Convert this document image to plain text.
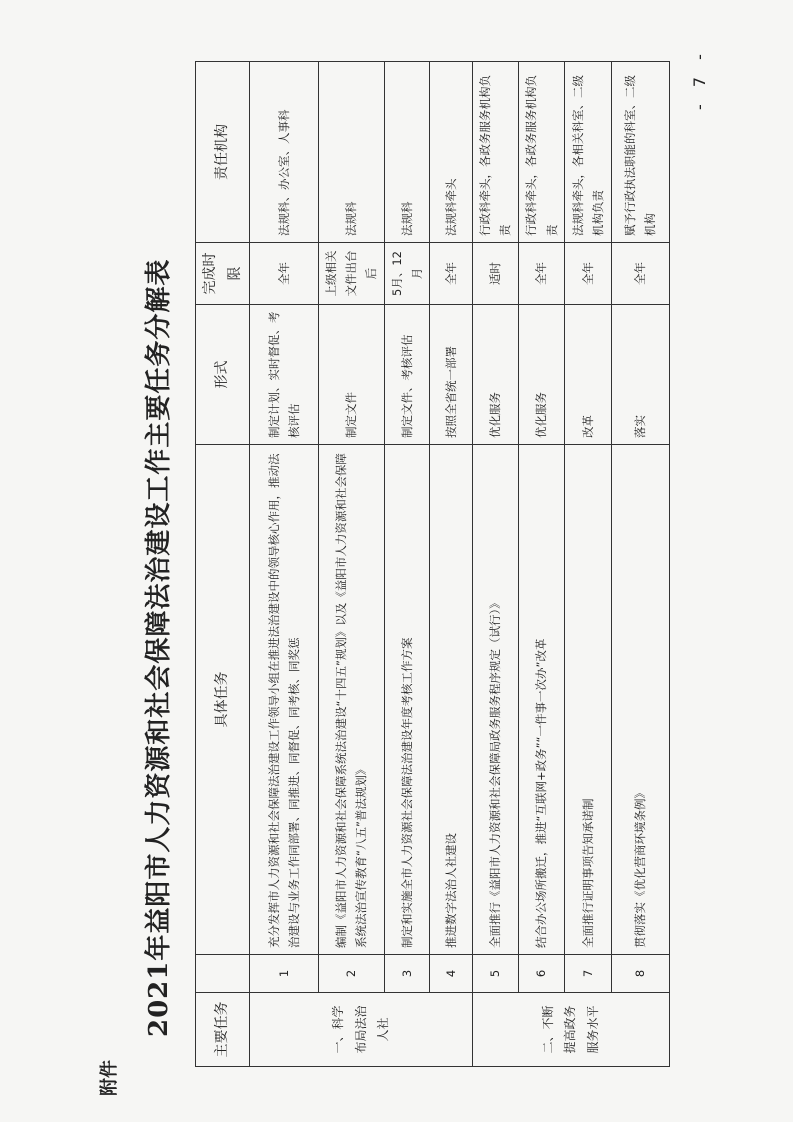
附件
2021年益阳市人力资源和社会保障法治建设工作主要任务分解表	主要任务		具体任务	形式	完成时限	责任机构
一、科学布局法治人社	1	充分发挥市人力资源和社会保障法治建设工作领导小组在推进法治建设中的领导核心作用，推动法治建设与业务工作同部署、同推进、同督促、同考核、同奖惩	制定计划、实时督促、考核评估	全年	法规科、办公室、人事科
	2	编制《益阳市人力资源和社会保障系统法治建设“十四五”规划》以及《益阳市人力资源和社会保障系统法治宣传教育“八五”普法规划》	制定文件	上级相关文件出台后	法规科
	3	制定和实施全市人力资源社会保障法治建设年度考核工作方案	制定文件、考核评估	5月、12月	法规科
	4	推进数字法治人社建设	按照全省统一部署	全年	法规科牵头
二、不断提高政务服务水平	5	全面推行《益阳市人力资源和社会保障局政务服务程序规定（试行）》	优化服务	适时	行政科牵头，各政务服务机构负责
	6	结合办公场所搬迁，推进“互联网+政务”“一件事一次办”改革	优化服务	全年	行政科牵头，各政务服务机构负责
	7	全面推行证明事项告知承诺制	改革	全年	法规科牵头，各相关科室、二级机构负责
	8	贯彻落实《优化营商环境条例》	落实	全年	赋予行政执法职能的科室、二级机构
- 7 -
